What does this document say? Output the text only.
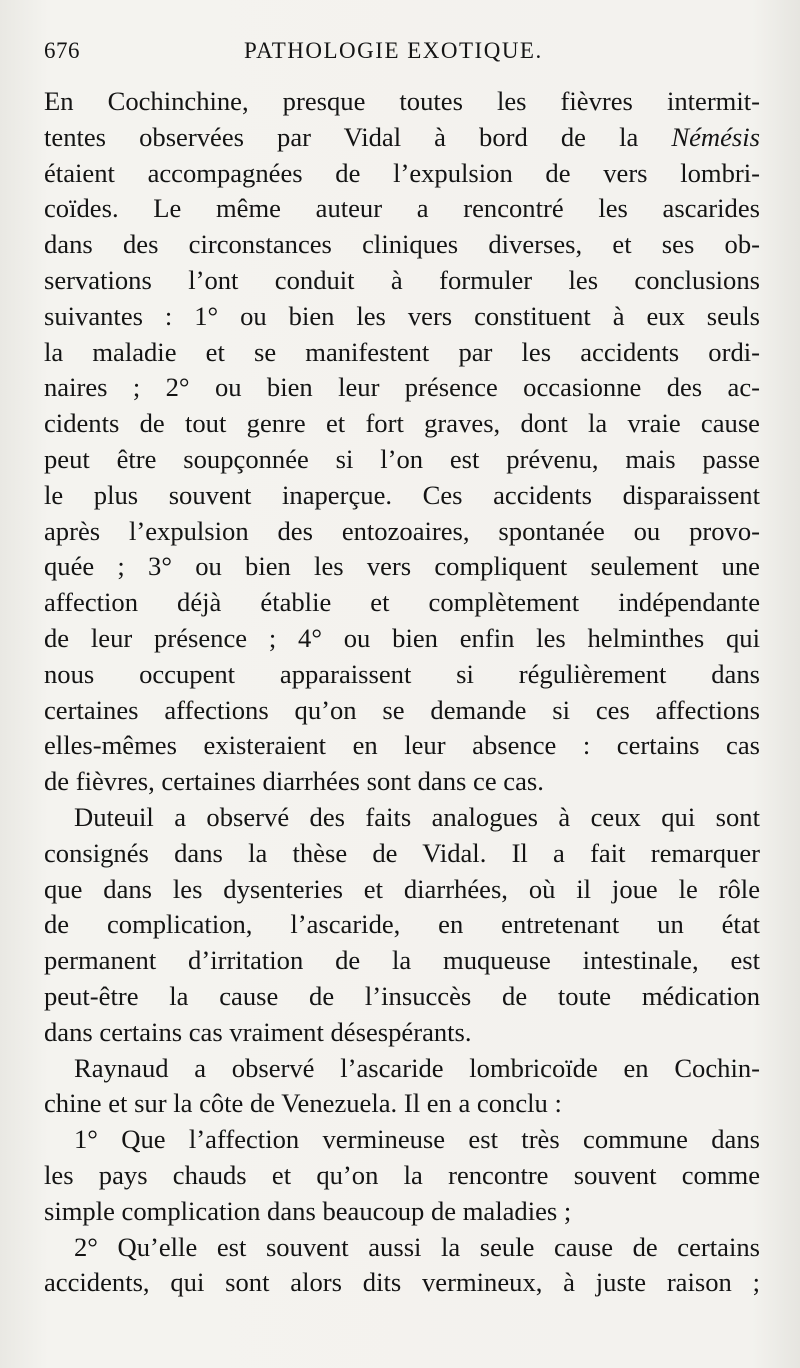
676	PATHOLOGIE EXOTIQUE.

En Cochinchine, presque toutes les fièvres intermit-
tentes observées par Vidal à bord de la Némésis
étaient accompagnées de l’expulsion de vers lombri-
coïdes. Le même auteur a rencontré les ascarides
dans des circonstances cliniques diverses, et ses ob-
servations l’ont conduit à formuler les conclusions
suivantes : 1° ou bien les vers constituent à eux seuls
la maladie et se manifestent par les accidents ordi-
naires ; 2° ou bien leur présence occasionne des ac-
cidents de tout genre et fort graves, dont la vraie cause
peut être soupçonnée si l’on est prévenu, mais passe
le plus souvent inaperçue. Ces accidents disparaissent
après l’expulsion des entozoaires, spontanée ou provo-
quée ; 3° ou bien les vers compliquent seulement une
affection déjà établie et complètement indépendante
de leur présence ; 4° ou bien enfin les helminthes qui
nous occupent apparaissent si régulièrement dans
certaines affections qu’on se demande si ces affections
elles-mêmes existeraient en leur absence : certains cas
de fièvres, certaines diarrhées sont dans ce cas.

Duteuil a observé des faits analogues à ceux qui sont
consignés dans la thèse de Vidal. Il a fait remarquer
que dans les dysenteries et diarrhées, où il joue le rôle
de complication, l’ascaride, en entretenant un état
permanent d’irritation de la muqueuse intestinale, est
peut-être la cause de l’insuccès de toute médication
dans certains cas vraiment désespérants.

Raynaud a observé l’ascaride lombricoïde en Cochin-
chine et sur la côte de Venezuela. Il en a conclu :

1° Que l’affection vermineuse est très commune dans
les pays chauds et qu’on la rencontre souvent comme
simple complication dans beaucoup de maladies ;

2° Qu’elle est souvent aussi la seule cause de certains
accidents, qui sont alors dits vermineux, à juste raison ;
